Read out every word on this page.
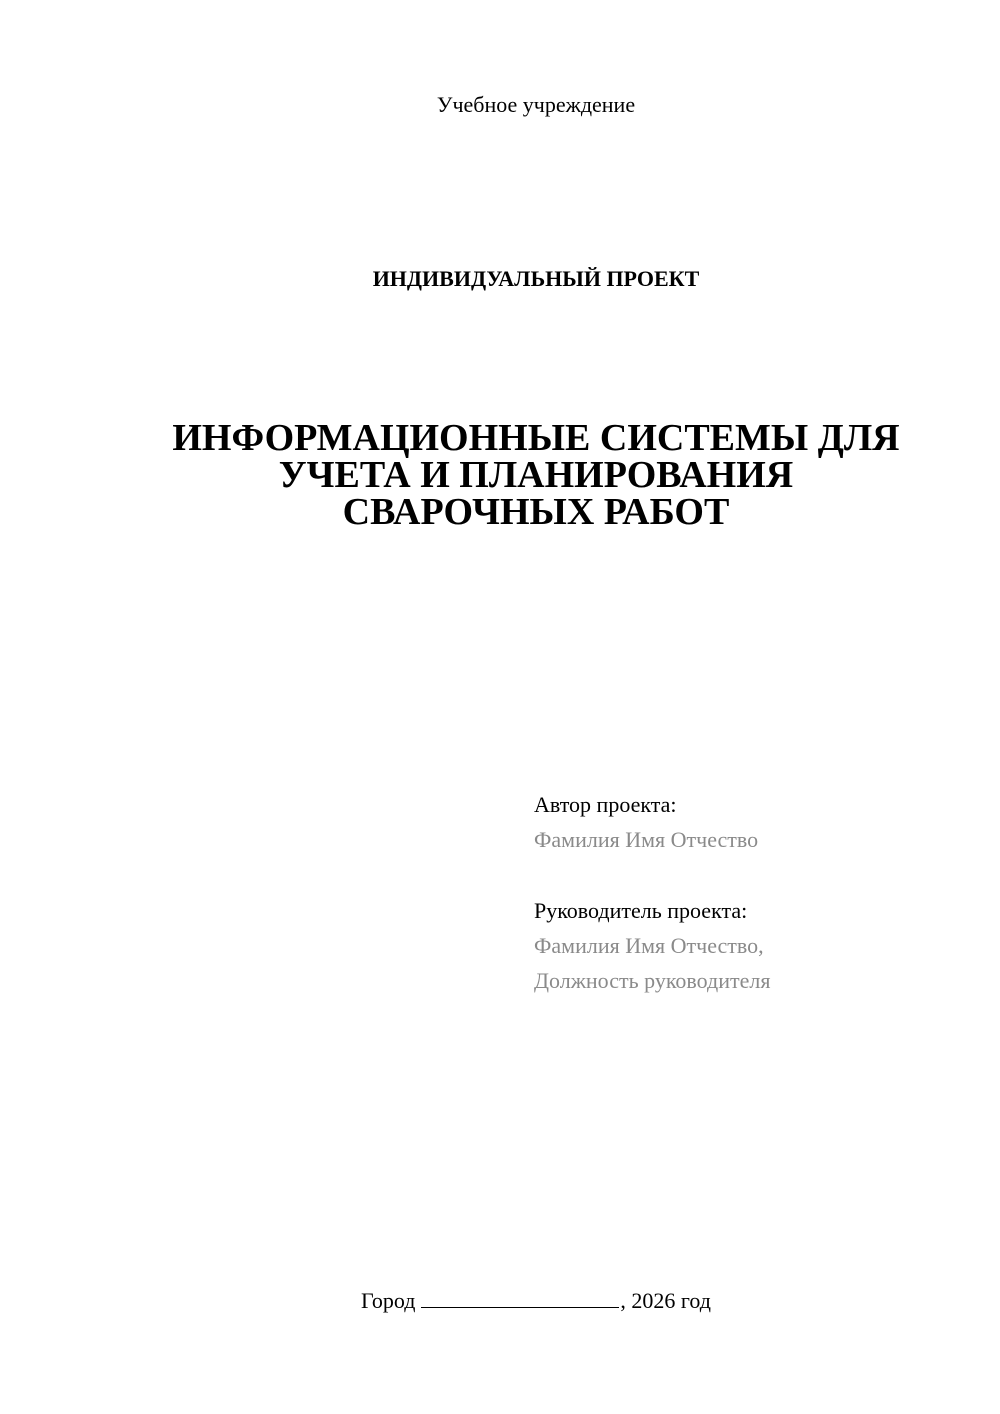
Учебное учреждение
ИНДИВИДУАЛЬНЫЙ ПРОЕКТ
ИНФОРМАЦИОННЫЕ СИСТЕМЫ ДЛЯ
УЧЕТА И ПЛАНИРОВАНИЯ
СВАРОЧНЫХ РАБОТ
Автор проекта:
Фамилия Имя Отчество
Руководитель проекта:
Фамилия Имя Отчество,
Должность руководителя
Город	, 2026 год
